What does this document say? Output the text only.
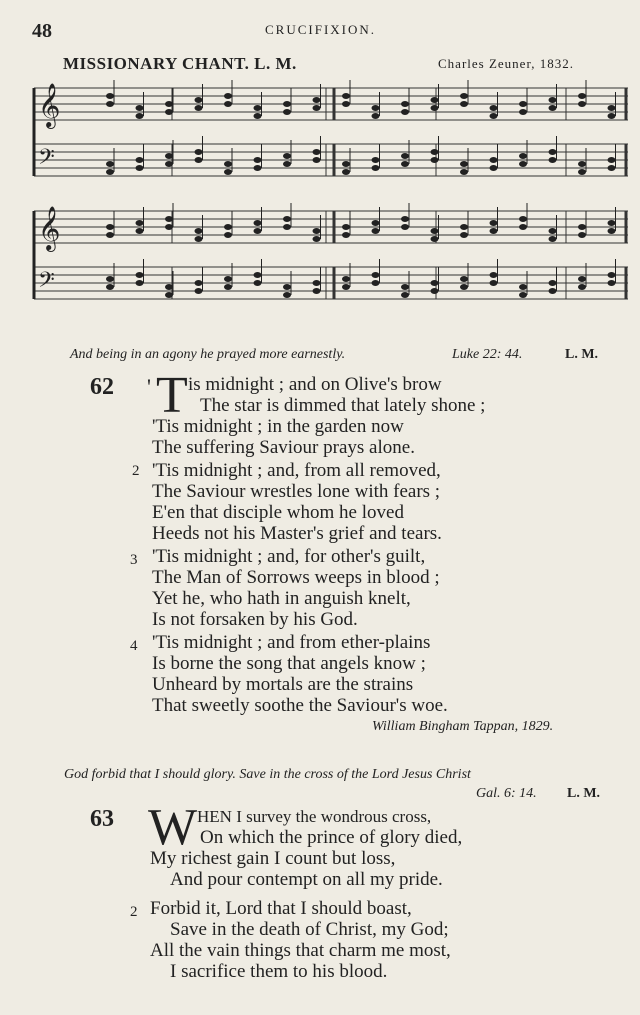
48	CRUCIFIXION.
MISSIONARY CHANT. L. M.	Charles Zeuner, 1832.
𝄞
𝄢
𝄞
𝄢
And being in an agony he prayed more earnestly.	Luke 22: 44.	L. M.
62 ' T is midnight ; and on Olive's brow
The star is dimmed that lately shone ;
'Tis midnight ; in the garden now
The suffering Saviour prays alone.
2 'Tis midnight ; and, from all removed,
The Saviour wrestles lone with fears ;
E'en that disciple whom he loved
Heeds not his Master's grief and tears.
3 'Tis midnight ; and, for other's guilt,
The Man of Sorrows weeps in blood ;
Yet he, who hath in anguish knelt,
Is not forsaken by his God.
4 'Tis midnight ; and from ether-plains
Is borne the song that angels know ;
Unheard by mortals are the strains
That sweetly soothe the Saviour's woe.
William Bingham Tappan, 1829.
God forbid that I should glory. Save in the cross of the Lord Jesus Christ
Gal. 6: 14. L. M.
63 W HEN I survey the wondrous cross,
On which the prince of glory died,
My richest gain I count but loss,
And pour contempt on all my pride.
2 Forbid it, Lord that I should boast,
Save in the death of Christ, my God;
All the vain things that charm me most,
I sacrifice them to his blood.
